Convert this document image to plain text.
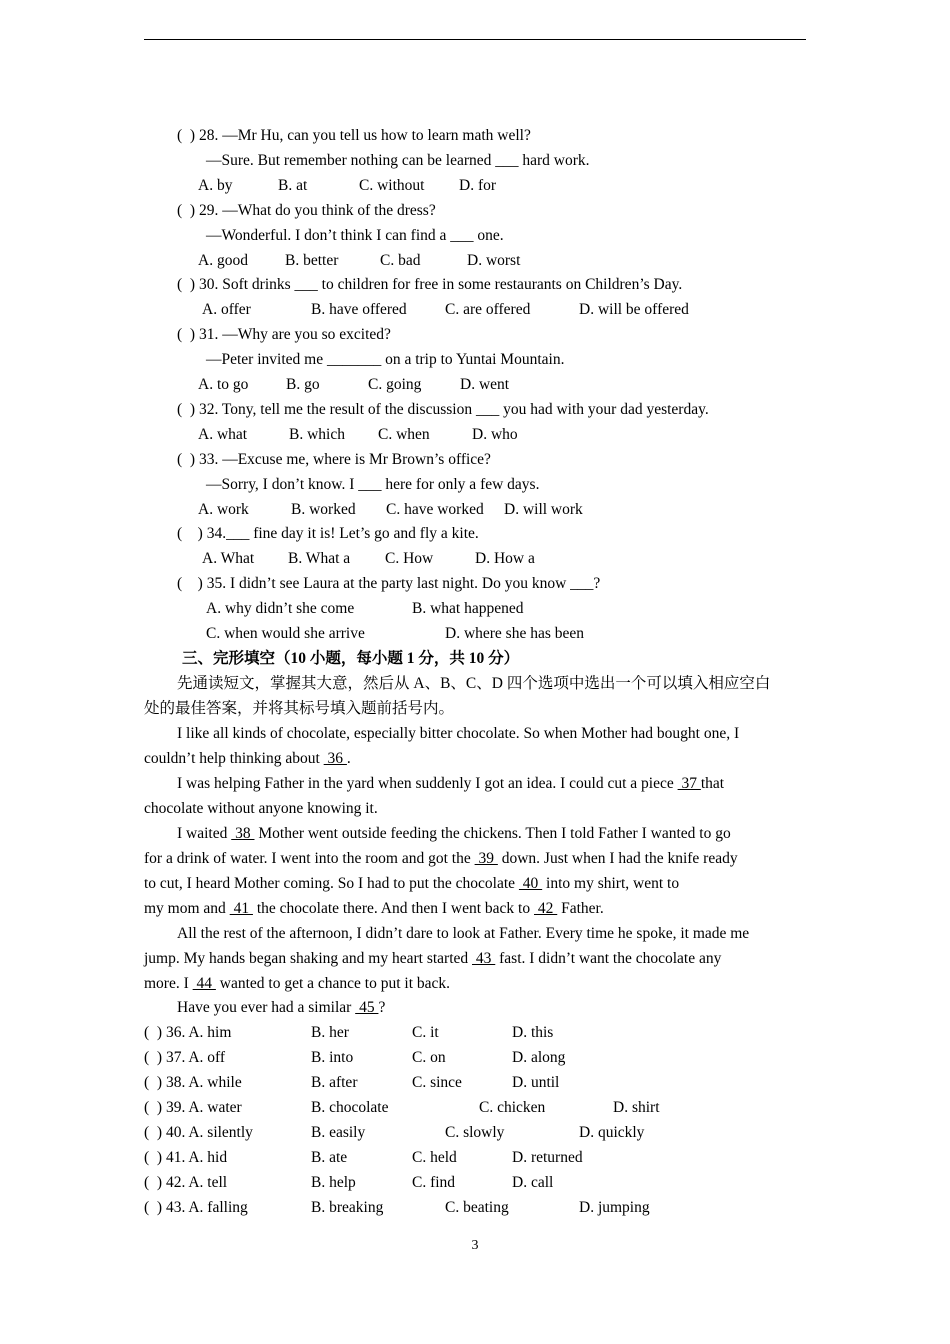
(  ) 28. —Mr Hu, can you tell us how to learn math well?
—Sure. But remember nothing can be learned ___ hard work.
A. by	B. at	C. without D. for
(  ) 29. —What do you think of the dress?
—Wonderful. I don’t think I can find a ___ one.
A. good B. better	C. bad	D. worst
(  ) 30. Soft drinks ___ to children for free in some restaurants on Children’s Day.
A. offer	B. have offered C. are offered	D. will be offered
(  ) 31. —Why are you so excited?
—Peter invited me _______ on a trip to Yuntai Mountain.
A. to go B. go	C. going D. went
(  ) 32. Tony, tell me the result of the discussion ___ you had with your dad yesterday.
A. what	B. which C. when	D. who
(  ) 33. —Excuse me, where is Mr Brown’s office?
—Sorry, I don’t know. I ___ here for only a few days.
A. work	B. worked C. have worked D. will work
(    ) 34.___ fine day it is! Let’s go and fly a kite.
A. What B. What a C. How	D. How a
(    ) 35. I didn’t see Laura at the party last night. Do you know ___?
A. why didn’t she come	B. what happened
C. when would she arrive	D. where she has been
三、完形填空（10 小题，每小题 1 分，共 10 分）
先通读短文，掌握其大意，然后从 A、B、C、D 四个选项中选出一个可以填入相应空白
处的最佳答案，并将其标号填入题前括号内。
I like all kinds of chocolate, especially bitter chocolate. So when Mother had bought one, I
couldn’t help thinking about  36 .
I was helping Father in the yard when suddenly I got an idea. I could cut a piece  37 that
chocolate without anyone knowing it.
I waited  38  Mother went outside feeding the chickens. Then I told Father I wanted to go
for a drink of water. I went into the room and got the  39  down. Just when I had the knife ready
to cut, I heard Mother coming. So I had to put the chocolate  40  into my shirt, went to
my mom and  41  the chocolate there. And then I went back to  42  Father.
All the rest of the afternoon, I didn’t dare to look at Father. Every time he spoke, it made me
jump. My hands began shaking and my heart started  43  fast. I didn’t want the chocolate any
more. I  44  wanted to get a chance to put it back.
Have you ever had a similar  45 ?
(  ) 36. A. him	B. her	C. it	D. this
(  ) 37. A. off	B. into	C. on	D. along
(  ) 38. A. while	B. after	C. since	D. until
(  ) 39. A. water	B. chocolate	C. chicken	D. shirt
(  ) 40. A. silently	B. easily	C. slowly	D. quickly
(  ) 41. A. hid	B. ate	C. held	D. returned
(  ) 42. A. tell	B. help	C. find	D. call
(  ) 43. A. falling	B. breaking	C. beating	D. jumping
3
